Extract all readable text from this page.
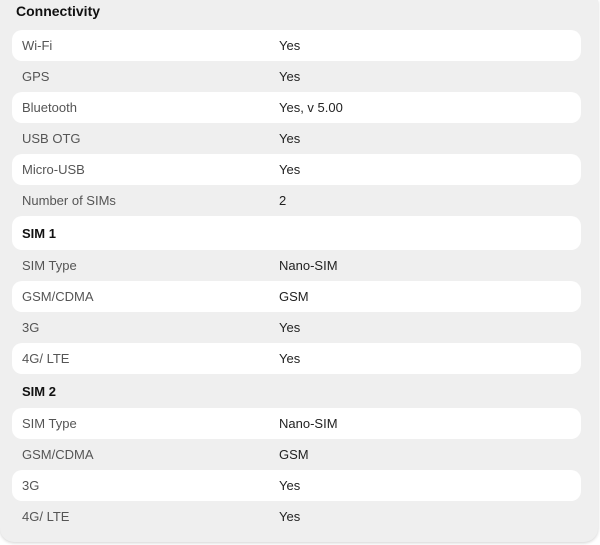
Connectivity
Wi-Fi	Yes
GPS	Yes
Bluetooth	Yes, v 5.00
USB OTG	Yes
Micro-USB	Yes
Number of SIMs	2
SIM 1
SIM Type	Nano-SIM
GSM/CDMA	GSM
3G	Yes
4G/ LTE	Yes
SIM 2
SIM Type	Nano-SIM
GSM/CDMA	GSM
3G	Yes
4G/ LTE	Yes
